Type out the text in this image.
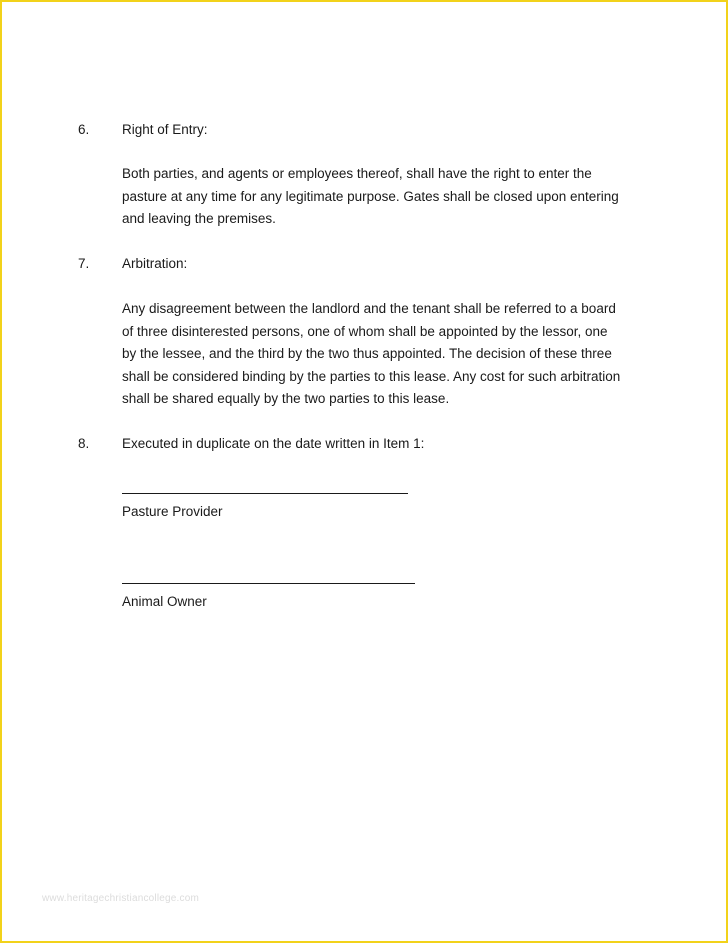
6. Right of Entry:
Both parties, and agents or employees thereof, shall have the right to enter the
pasture at any time for any legitimate purpose. Gates shall be closed upon entering
and leaving the premises.
7. Arbitration:
Any disagreement between the landlord and the tenant shall be referred to a board
of three disinterested persons, one of whom shall be appointed by the lessor, one
by the lessee, and the third by the two thus appointed. The decision of these three
shall be considered binding by the parties to this lease. Any cost for such arbitration
shall be shared equally by the two parties to this lease.
8. Executed in duplicate on the date written in Item 1:
Pasture Provider
Animal Owner
www.heritagechristiancollege.com
